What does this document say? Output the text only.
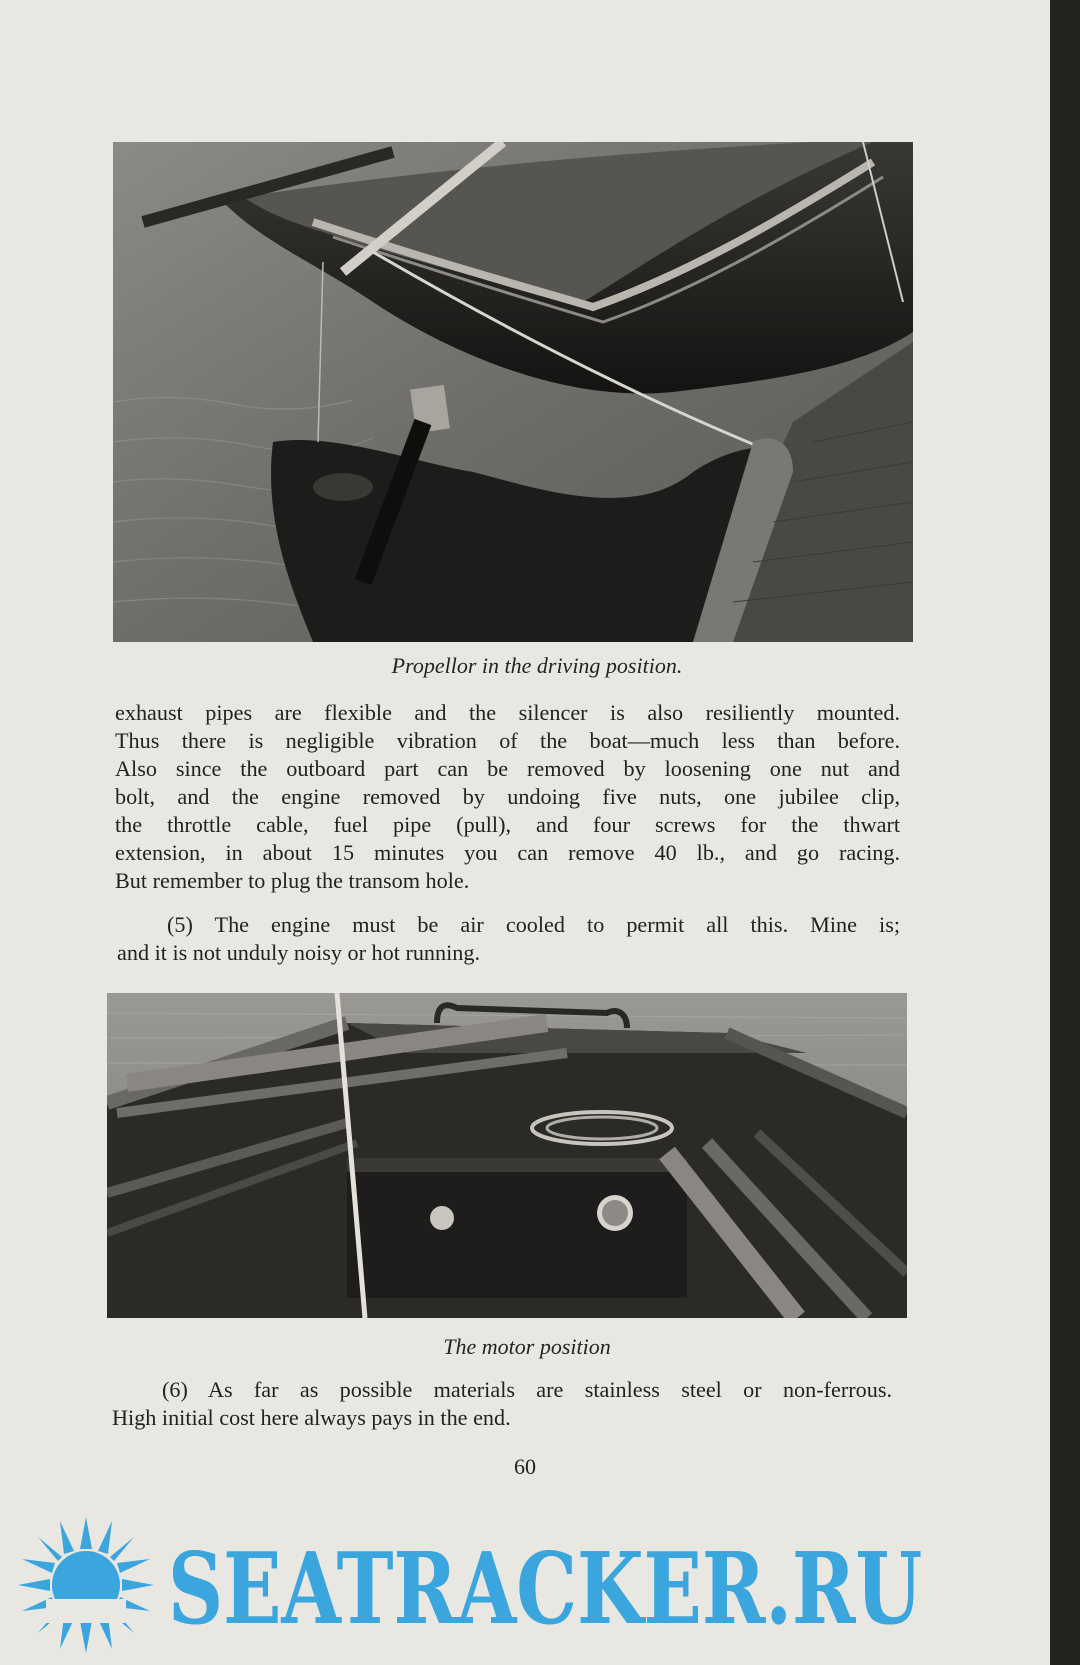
Propellor in the driving position.
exhaust pipes are flexible and the silencer is also resiliently mounted.
Thus there is negligible vibration of the boat—much less than before.
Also since the outboard part can be removed by loosening one nut and
bolt, and the engine removed by undoing five nuts, one jubilee clip,
the throttle cable, fuel pipe (pull), and four screws for the thwart
extension, in about 15 minutes you can remove 40 lb., and go racing.
But remember to plug the transom hole.
(5) The engine must be air cooled to permit all this. Mine is;
and it is not unduly noisy or hot running.
The motor position
(6) As far as possible materials are stainless steel or non-ferrous.
High initial cost here always pays in the end.
60
SEATRACKER.RU
